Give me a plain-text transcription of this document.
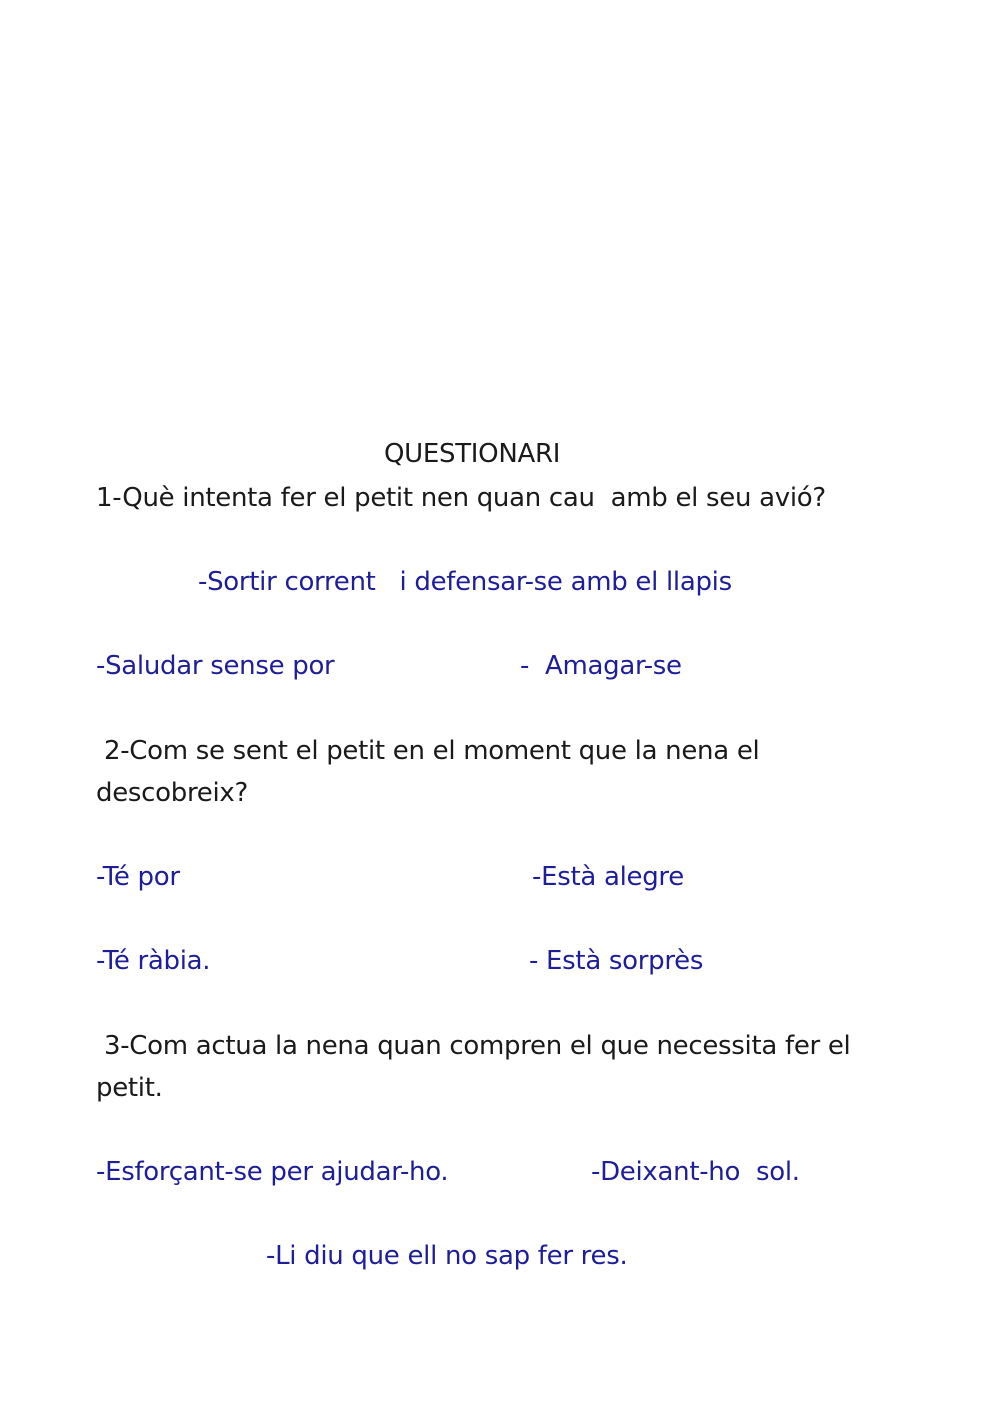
QUESTIONARI

1-Què intenta fer el petit nen quan cau  amb el seu avió?

-Sortir corrent   i defensar-se amb el llapis

-Saludar sense por	-  Amagar-se

2-Com se sent el petit en el moment que la nena el

descobreix?

-Té por	-Està alegre

-Té ràbia.	- Està sorprès

3-Com actua la nena quan compren el que necessita fer el

petit.

-Esforçant-se per ajudar-ho.	-Deixant-ho  sol.

-Li diu que ell no sap fer res.
